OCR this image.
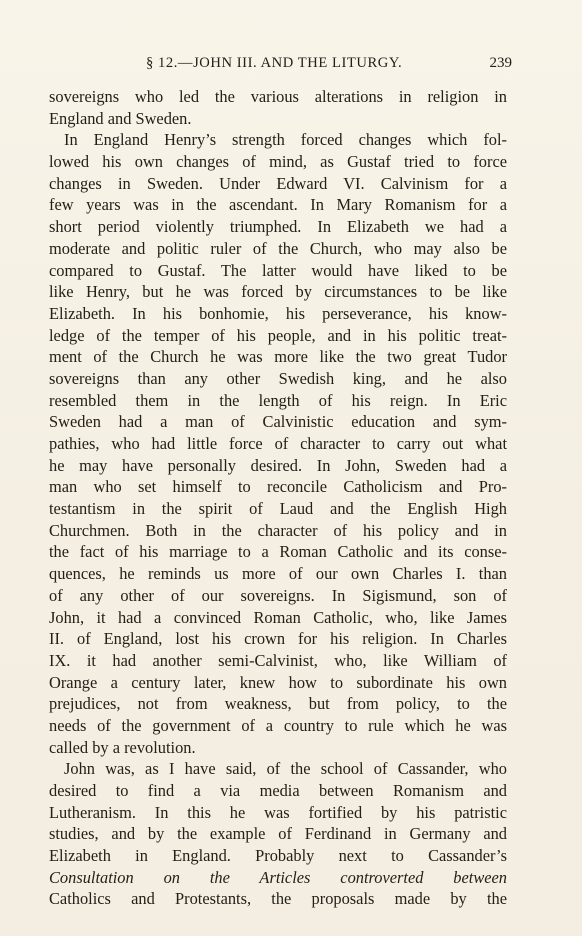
§ 12.—JOHN III. AND THE LITURGY.	239
sovereigns who led the various alterations in religion in
England and Sweden.
In England Henry’s strength forced changes which fol-
lowed his own changes of mind, as Gustaf tried to force
changes in Sweden. Under Edward VI. Calvinism for a
few years was in the ascendant. In Mary Romanism for a
short period violently triumphed. In Elizabeth we had a
moderate and politic ruler of the Church, who may also be
compared to Gustaf. The latter would have liked to be
like Henry, but he was forced by circumstances to be like
Elizabeth. In his bonhomie, his perseverance, his know-
ledge of the temper of his people, and in his politic treat-
ment of the Church he was more like the two great Tudor
sovereigns than any other Swedish king, and he also
resembled them in the length of his reign. In Eric
Sweden had a man of Calvinistic education and sym-
pathies, who had little force of character to carry out what
he may have personally desired. In John, Sweden had a
man who set himself to reconcile Catholicism and Pro-
testantism in the spirit of Laud and the English High
Churchmen. Both in the character of his policy and in
the fact of his marriage to a Roman Catholic and its conse-
quences, he reminds us more of our own Charles I. than
of any other of our sovereigns. In Sigismund, son of
John, it had a convinced Roman Catholic, who, like James
II. of England, lost his crown for his religion. In Charles
IX. it had another semi-Calvinist, who, like William of
Orange a century later, knew how to subordinate his own
prejudices, not from weakness, but from policy, to the
needs of the government of a country to rule which he was
called by a revolution.
John was, as I have said, of the school of Cassander, who
desired to find a via media between Romanism and
Lutheranism. In this he was fortified by his patristic
studies, and by the example of Ferdinand in Germany and
Elizabeth in England. Probably next to Cassander’s
Consultation on the Articles controverted between
Catholics and Protestants, the proposals made by the
